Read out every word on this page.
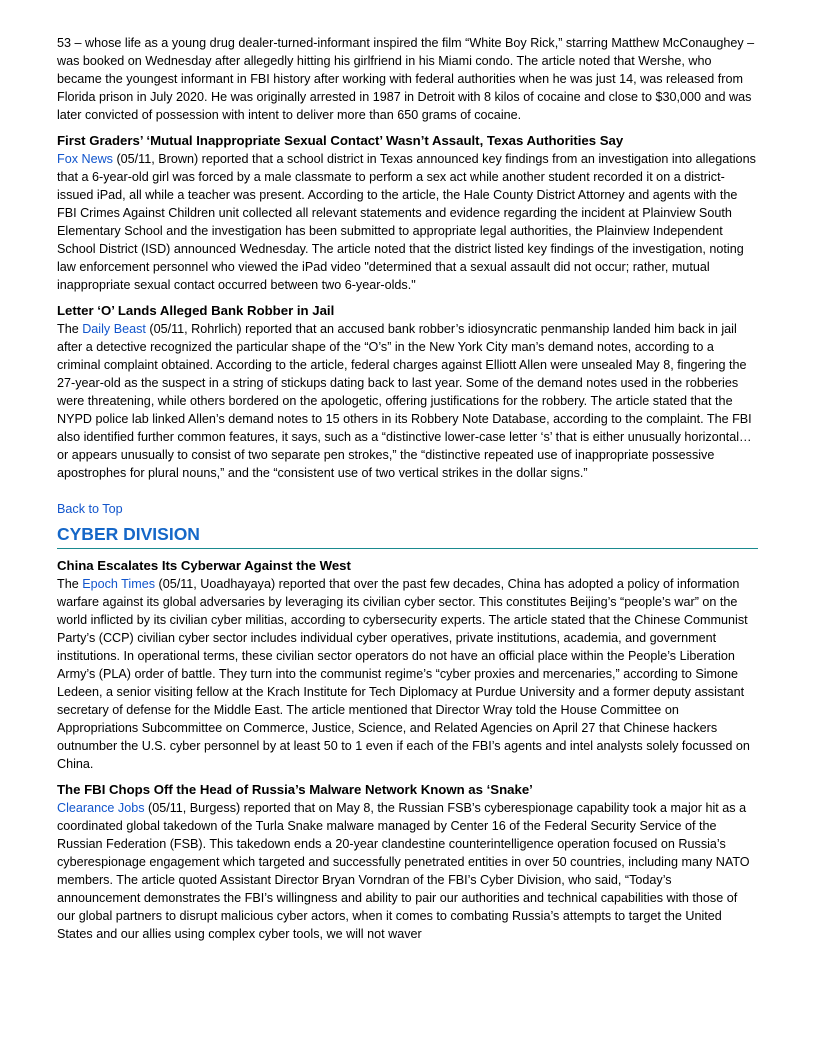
53 – whose life as a young drug dealer-turned-informant inspired the film “White Boy Rick,” starring Matthew McConaughey – was booked on Wednesday after allegedly hitting his girlfriend in his Miami condo. The article noted that Wershe, who became the youngest informant in FBI history after working with federal authorities when he was just 14, was released from Florida prison in July 2020. He was originally arrested in 1987 in Detroit with 8 kilos of cocaine and close to $30,000 and was later convicted of possession with intent to deliver more than 650 grams of cocaine.

First Graders’ ‘Mutual Inappropriate Sexual Contact’ Wasn’t Assault, Texas Authorities Say

Fox News (05/11, Brown) reported that a school district in Texas announced key findings from an investigation into allegations that a 6-year-old girl was forced by a male classmate to perform a sex act while another student recorded it on a district-issued iPad, all while a teacher was present. According to the article, the Hale County District Attorney and agents with the FBI Crimes Against Children unit collected all relevant statements and evidence regarding the incident at Plainview South Elementary School and the investigation has been submitted to appropriate legal authorities, the Plainview Independent School District (ISD) announced Wednesday. The article noted that the district listed key findings of the investigation, noting law enforcement personnel who viewed the iPad video "determined that a sexual assault did not occur; rather, mutual inappropriate sexual contact occurred between two 6-year-olds."

Letter ‘O’ Lands Alleged Bank Robber in Jail

The Daily Beast (05/11, Rohrlich) reported that an accused bank robber’s idiosyncratic penmanship landed him back in jail after a detective recognized the particular shape of the “O’s” in the New York City man’s demand notes, according to a criminal complaint obtained. According to the article, federal charges against Elliott Allen were unsealed May 8, fingering the 27-year-old as the suspect in a string of stickups dating back to last year. Some of the demand notes used in the robberies were threatening, while others bordered on the apologetic, offering justifications for the robbery. The article stated that the NYPD police lab linked Allen’s demand notes to 15 others in its Robbery Note Database, according to the complaint. The FBI also identified further common features, it says, such as a “distinctive lower-case letter ‘s’ that is either unusually horizontal… or appears unusually to consist of two separate pen strokes,” the “distinctive repeated use of inappropriate possessive apostrophes for plural nouns,” and the “consistent use of two vertical strikes in the dollar signs.”

Back to Top
CYBER DIVISION
China Escalates Its Cyberwar Against the West

The Epoch Times (05/11, Uoadhayaya) reported that over the past few decades, China has adopted a policy of information warfare against its global adversaries by leveraging its civilian cyber sector. This constitutes Beijing’s “people’s war” on the world inflicted by its civilian cyber militias, according to cybersecurity experts. The article stated that the Chinese Communist Party’s (CCP) civilian cyber sector includes individual cyber operatives, private institutions, academia, and government institutions. In operational terms, these civilian sector operators do not have an official place within the People’s Liberation Army’s (PLA) order of battle. They turn into the communist regime’s “cyber proxies and mercenaries,” according to Simone Ledeen, a senior visiting fellow at the Krach Institute for Tech Diplomacy at Purdue University and a former deputy assistant secretary of defense for the Middle East. The article mentioned that Director Wray told the House Committee on Appropriations Subcommittee on Commerce, Justice, Science, and Related Agencies on April 27 that Chinese hackers outnumber the U.S. cyber personnel by at least 50 to 1 even if each of the FBI’s agents and intel analysts solely focussed on China.

The FBI Chops Off the Head of Russia’s Malware Network Known as ‘Snake’

Clearance Jobs (05/11, Burgess) reported that on May 8, the Russian FSB’s cyberespionage capability took a major hit as a coordinated global takedown of the Turla Snake malware managed by Center 16 of the Federal Security Service of the Russian Federation (FSB). This takedown ends a 20-year clandestine counterintelligence operation focused on Russia’s cyberespionage engagement which targeted and successfully penetrated entities in over 50 countries, including many NATO members. The article quoted Assistant Director Bryan Vorndran of the FBI’s Cyber Division, who said, “Today’s announcement demonstrates the FBI’s willingness and ability to pair our authorities and technical capabilities with those of our global partners to disrupt malicious cyber actors, when it comes to combating Russia’s attempts to target the United States and our allies using complex cyber tools, we will not waver
